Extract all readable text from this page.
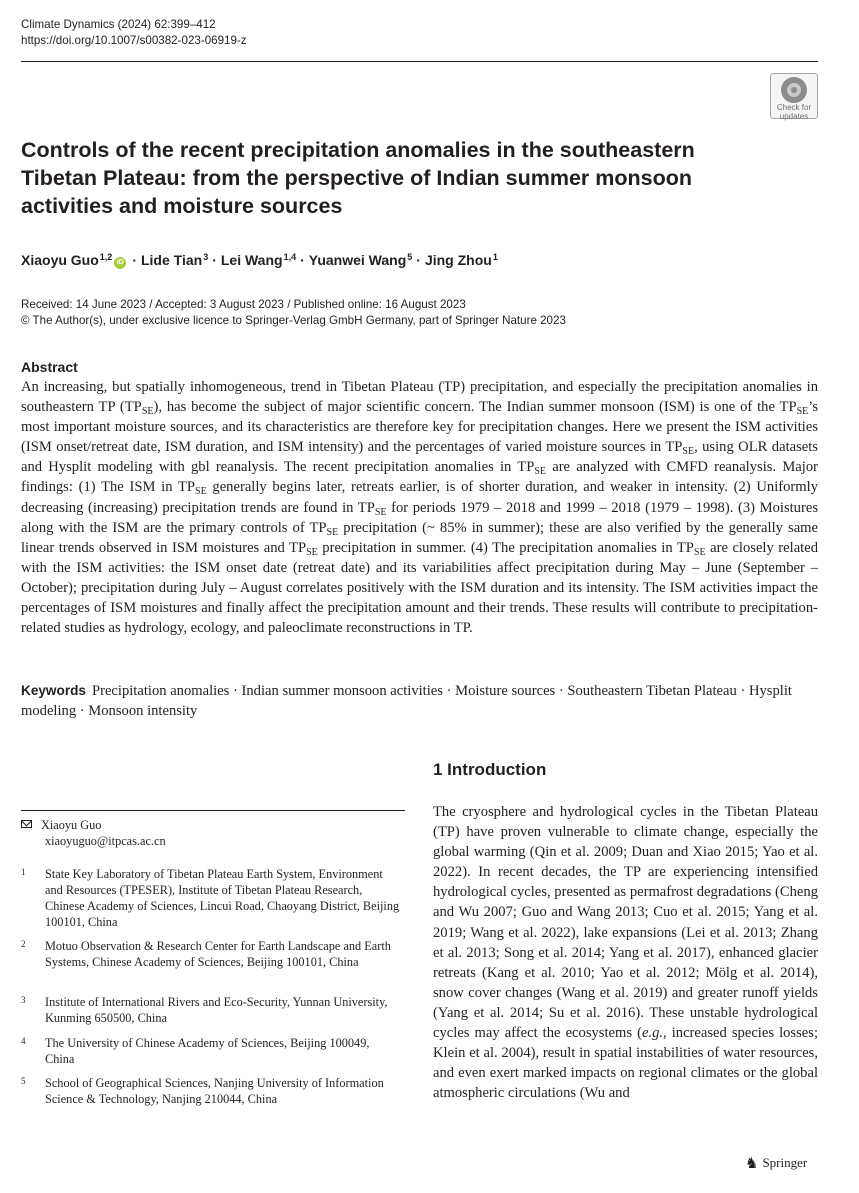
Climate Dynamics (2024) 62:399–412
https://doi.org/10.1007/s00382-023-06919-z
Check for
updates
Controls of the recent precipitation anomalies in the southeastern Tibetan Plateau: from the perspective of Indian summer monsoon activities and moisture sources
Xiaoyu Guo$^{1,2}$iD · Lide Tian$^3$ · Lei Wang$^{1,4}$ · Yuanwei Wang$^5$ · Jing Zhou$^1$
Received: 14 June 2023 / Accepted: 3 August 2023 / Published online: 16 August 2023
© The Author(s), under exclusive licence to Springer-Verlag GmbH Germany, part of Springer Nature 2023
Abstract

An increasing, but spatially inhomogeneous, trend in Tibetan Plateau (TP) precipitation, and especially the precipitation anomalies in southeastern TP $(TP_{SE})$, has become the subject of major scientific concern. The Indian summer monsoon (ISM) is one of the $TP_{SE}’s$ most important moisture sources, and its characteristics are therefore key for precipitation changes. Here we present the ISM activities (ISM onset/retreat date, ISM duration, and ISM intensity) and the percentages of varied moisture sources in $TP_{SE}$, using OLR datasets and Hysplit modeling with gbl reanalysis. The recent precipitation anomalies in $TP_{SE}$ are analyzed with CMFD reanalysis. Major findings: (1) The ISM in $TP_{SE}$ generally begins later, retreats earlier, is of shorter duration, and weaker in intensity. (2) Uniformly decreasing (increasing) precipitation trends are found in $TP_{SE}$ for periods 1979 – 2018 and 1999 – 2018 (1979 – 1998). (3) Moistures along with the ISM are the primary controls of $TP_{SE}$ precipitation (~ 85% in summer); these are also verified by the generally same linear trends observed in ISM moistures and $TP_{SE}$ precipitation in summer. (4) The precipitation anomalies in $TP_{SE}$ are closely related with the ISM activities: the ISM onset date (retreat date) and its variabilities affect precipitation during May – June (September – October); precipitation during July – August correlates positively with the ISM duration and its intensity. The ISM activities impact the percentages of ISM moistures and finally affect the precipitation amount and their trends. These results will contribute to precipitation-related studies as hydrology, ecology, and paleoclimate reconstructions in TP.

Keywords Precipitation anomalies · Indian summer monsoon activities · Moisture sources · Southeastern Tibetan Plateau · Hysplit modeling · Monsoon intensity

1 Introduction

The cryosphere and hydrological cycles in the Tibetan Plateau (TP) have proven vulnerable to climate change, especially the global warming (Qin et al. 2009; Duan and Xiao 2015; Yao et al. 2022). In recent decades, the TP are experiencing intensified hydrological cycles, presented as permafrost degradations (Cheng and Wu 2007; Guo and Wang 2013; Cuo et al. 2015; Yang et al. 2019; Wang et al. 2022), lake expansions (Lei et al. 2013; Zhang et al. 2013; Song et al. 2014; Yang et al. 2017), enhanced glacier retreats (Kang et al. 2010; Yao et al. 2012; Mölg et al. 2014), snow cover changes (Wang et al. 2019) and greater runoff yields (Yang et al. 2014; Su et al. 2016). These unstable hydrological cycles may affect the ecosystems (e.g., increased species losses; Klein et al. 2004), result in spatial instabilities of water resources, and even exert marked impacts on regional climates or the global atmospheric circulations (Wu and

Xiaoyu Guo
xiaoyuguo@itpcas.ac.cn
1 State Key Laboratory of Tibetan Plateau Earth System, Environment and Resources (TPESER), Institute of Tibetan Plateau Research, Chinese Academy of Sciences, Lincui Road, Chaoyang District, Beijing 100101, China
2 Motuo Observation & Research Center for Earth Landscape and Earth Systems, Chinese Academy of Sciences, Beijing 100101, China
3 Institute of International Rivers and Eco-Security, Yunnan University, Kunming 650500, China
4 The University of Chinese Academy of Sciences, Beijing 100049, China
5 School of Geographical Sciences, Nanjing University of Information Science & Technology, Nanjing 210044, China
♞ Springer
